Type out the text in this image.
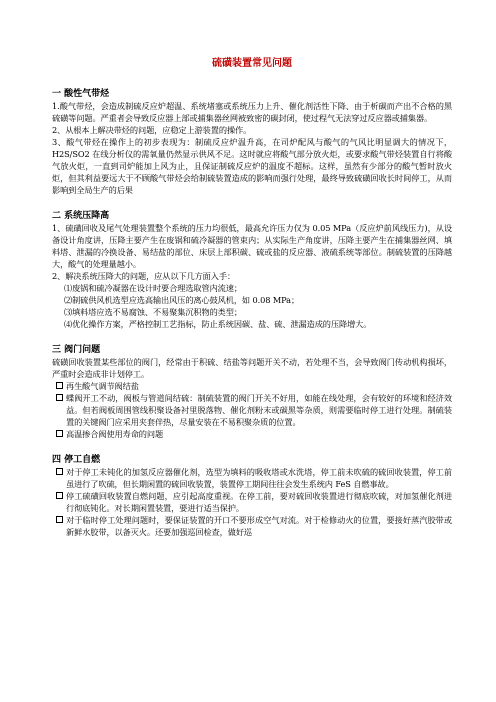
硫磺装置常见问题
一 酸性气带烃

1.酸气带烃，会造成制硫反应炉超温、系统堵塞或系统压力上升、催化剂活性下降、由于析碳而产出不合格的黑硫磺等问题。严重者会导致反应器上部或捕集器丝网被致密的碳封闭，使过程气无法穿过反应器或捕集器。

2、从根本上解决带烃的问题，应稳定上游装置的操作。

3、酸气带烃在操作上的初步表现为：制硫反应炉温升高，在司炉配风与酸气的气风比明显调大的情况下，H2S/SO2 在线分析仪的需氧量仍然显示供风不足。这时就应将酸气部分放火炬，或要求酸气带烃装置自行将酸气放火炬，一直到司炉能加上风为止，且保证制硫反应炉的温度不超标。这样，虽然有少部分的酸气暂时放火炬，但其利益要远大于不顾酸气带烃会给制硫装置造成的影响而强行处理，最终导致硫磺回收长时间停工，从而影响到全局生产的后果

二 系统压降高

1、硫磺回收及尾气处理装置整个系统的压力均很低，最高允许压力仅为 0.05 MPa（反应炉前风线压力)，从设备设计角度讲，压降主要产生在废锅和硫冷凝器的管束内；从实际生产角度讲，压降主要产生在捕集器丝网、填料塔、泄漏的冷换设备、易结盐的部位、床层上部积碳、硫或盐的反应器、液硫系统等部位。制硫装置的压降越大，酸气的处理量越小。

2、解决系统压降大的问题，应从以下几方面入手：

⑴废锅和硫冷凝器在设计时要合理选取管内流速；

⑵制硫供风机选型应选高输出风压的离心鼓风机，如 0.08 MPa；

⑶填料塔应选不易腐蚀、不易聚集沉积物的类型；

⑷优化操作方案，严格控制工艺指标，防止系统因碳、盐、硫、泄漏造成的压降增大。

三 阀门问题

硫磺回收装置某些部位的阀门，经常由于积硫、结盐等问题开关不动，若处理不当，会导致阀门传动机构损坏，严重时会造成非计划停工。

再生酸气调节阀结盐
蝶阀开工不动，阀板与管道间结硫：制硫装置的阀门开关不好用，如能在线处理，会有较好的环境和经济效益。但若阀板周围管线积聚设备衬里脱落物、催化剂粉末或碳黑等杂质，则需要临时停工进行处理。制硫装置的关键阀门应采用夹套伴热，尽量安装在不易积聚杂质的位置。
高温掺合阀使用寿命的问题
四 停工自燃
对于停工未钝化的加氢反应器催化剂，选型为填料的吸收塔或水洗塔，停工前未吹硫的硫回收装置，停工前虽进行了吹硫，但长期闲置的硫回收装置，装置停工期间往往会发生系统内 FeS 自燃事故。
停工硫磺回收装置自燃问题，应引起高度重视。在停工前，要对硫回收装置进行彻底吹硫，对加氢催化剂进行彻底钝化。对长期闲置装置，要进行适当保护。
对于临时停工处理问题时，要保证装置的开口不要形成空气对流。对于检修动火的位置，要接好蒸汽胶带或新鲜水胶带，以备灭火。还要加强巡回检查，做好巡
